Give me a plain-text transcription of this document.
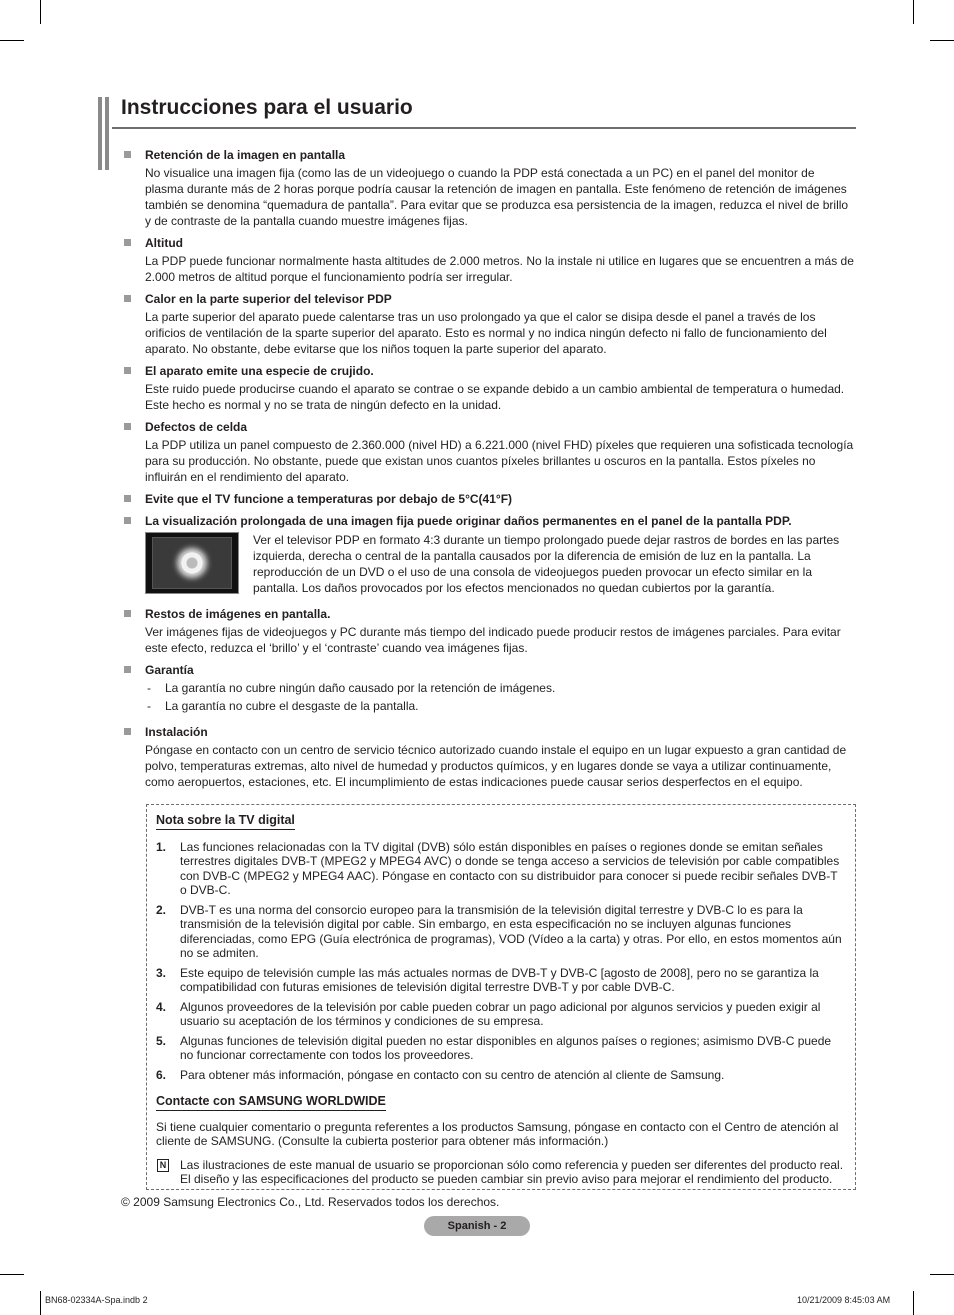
Instrucciones para el usuario
Retención de la imagen en pantalla
No visualice una imagen fija (como las de un videojuego o cuando la PDP está conectada a un PC) en el panel del monitor de plasma durante más de 2 horas porque podría causar la retención de imagen en pantalla. Este fenómeno de retención de imágenes también se denomina “quemadura de pantalla”. Para evitar que se produzca esa persistencia de la imagen, reduzca el nivel de brillo y de contraste de la pantalla cuando muestre imágenes fijas.
Altitud
La PDP puede funcionar normalmente hasta altitudes de 2.000 metros. No la instale ni utilice en lugares que se encuentren a más de 2.000 metros de altitud porque el funcionamiento podría ser irregular.
Calor en la parte superior del televisor PDP
La parte superior del aparato puede calentarse tras un uso prolongado ya que el calor se disipa desde el panel a través de los orificios de ventilación de la sparte superior del aparato. Esto es normal y no indica ningún defecto ni fallo de funcionamiento del aparato. No obstante, debe evitarse que los niños toquen la parte superior del aparato.
El aparato emite una especie de crujido.
Este ruido puede producirse cuando el aparato se contrae o se expande debido a un cambio ambiental de temperatura o humedad. Este hecho es normal y no se trata de ningún defecto en la unidad.
Defectos de celda
La PDP utiliza un panel compuesto de 2.360.000 (nivel HD) a 6.221.000 (nivel FHD) píxeles que requieren una sofisticada tecnología para su producción. No obstante, puede que existan unos cuantos píxeles brillantes u oscuros en la pantalla. Estos píxeles no influirán en el rendimiento del aparato.
Evite que el TV funcione a temperaturas por debajo de 5°C(41°F)
La visualización prolongada de una imagen fija puede originar daños permanentes en el panel de la pantalla PDP.
Ver el televisor PDP en formato 4:3 durante un tiempo prolongado puede dejar rastros de bordes en las partes izquierda, derecha o central de la pantalla causados por la diferencia de emisión de luz en la pantalla. La reproducción de un DVD o el uso de una consola de videojuegos pueden provocar un efecto similar en la pantalla. Los daños provocados por los efectos mencionados no quedan cubiertos por la garantía.
Restos de imágenes en pantalla.
Ver imágenes fijas de videojuegos y PC durante más tiempo del indicado puede producir restos de imágenes parciales. Para evitar este efecto, reduzca el ‘brillo’ y el ‘contraste’ cuando vea imágenes fijas.
Garantía
- La garantía no cubre ningún daño causado por la retención de imágenes.
- La garantía no cubre el desgaste de la pantalla.
Instalación
Póngase en contacto con un centro de servicio técnico autorizado cuando instale el equipo en un lugar expuesto a gran cantidad de polvo, temperaturas extremas, alto nivel de humedad y productos químicos, y en lugares donde se vaya a utilizar continuamente, como aeropuertos, estaciones, etc. El incumplimiento de estas indicaciones puede causar serios desperfectos en el equipo.
Nota sobre la TV digital
1. Las funciones relacionadas con la TV digital (DVB) sólo están disponibles en países o regiones donde se emitan señales terrestres digitales DVB-T (MPEG2 y MPEG4 AVC) o donde se tenga acceso a servicios de televisión por cable compatibles con DVB-C (MPEG2 y MPEG4 AAC). Póngase en contacto con su distribuidor para conocer si puede recibir señales DVB-T o DVB-C.
2. DVB-T es una norma del consorcio europeo para la transmisión de la televisión digital terrestre y DVB-C lo es para la transmisión de la televisión digital por cable. Sin embargo, en esta especificación no se incluyen algunas funciones diferenciadas, como EPG (Guía electrónica de programas), VOD (Vídeo a la carta) y otras. Por ello, en estos momentos aún no se admiten.
3. Este equipo de televisión cumple las más actuales normas de DVB-T y DVB-C [agosto de 2008], pero no se garantiza la compatibilidad con futuras emisiones de televisión digital terrestre DVB-T y por cable DVB-C.
4. Algunos proveedores de la televisión por cable pueden cobrar un pago adicional por algunos servicios y pueden exigir al usuario su aceptación de los términos y condiciones de su empresa.
5. Algunas funciones de televisión digital pueden no estar disponibles en algunos países o regiones; asimismo DVB-C puede no funcionar correctamente con todos los proveedores.
6. Para obtener más información, póngase en contacto con su centro de atención al cliente de Samsung.
Contacte con SAMSUNG WORLDWIDE
Si tiene cualquier comentario o pregunta referentes a los productos Samsung, póngase en contacto con el Centro de atención al cliente de SAMSUNG. (Consulte la cubierta posterior para obtener más información.)
N Las ilustraciones de este manual de usuario se proporcionan sólo como referencia y pueden ser diferentes del producto real. El diseño y las especificaciones del producto se pueden cambiar sin previo aviso para mejorar el rendimiento del producto.
© 2009 Samsung Electronics Co., Ltd. Reservados todos los derechos.
Spanish - 2
BN68-02334A-Spa.indb 2	10/21/2009 8:45:03 AM
